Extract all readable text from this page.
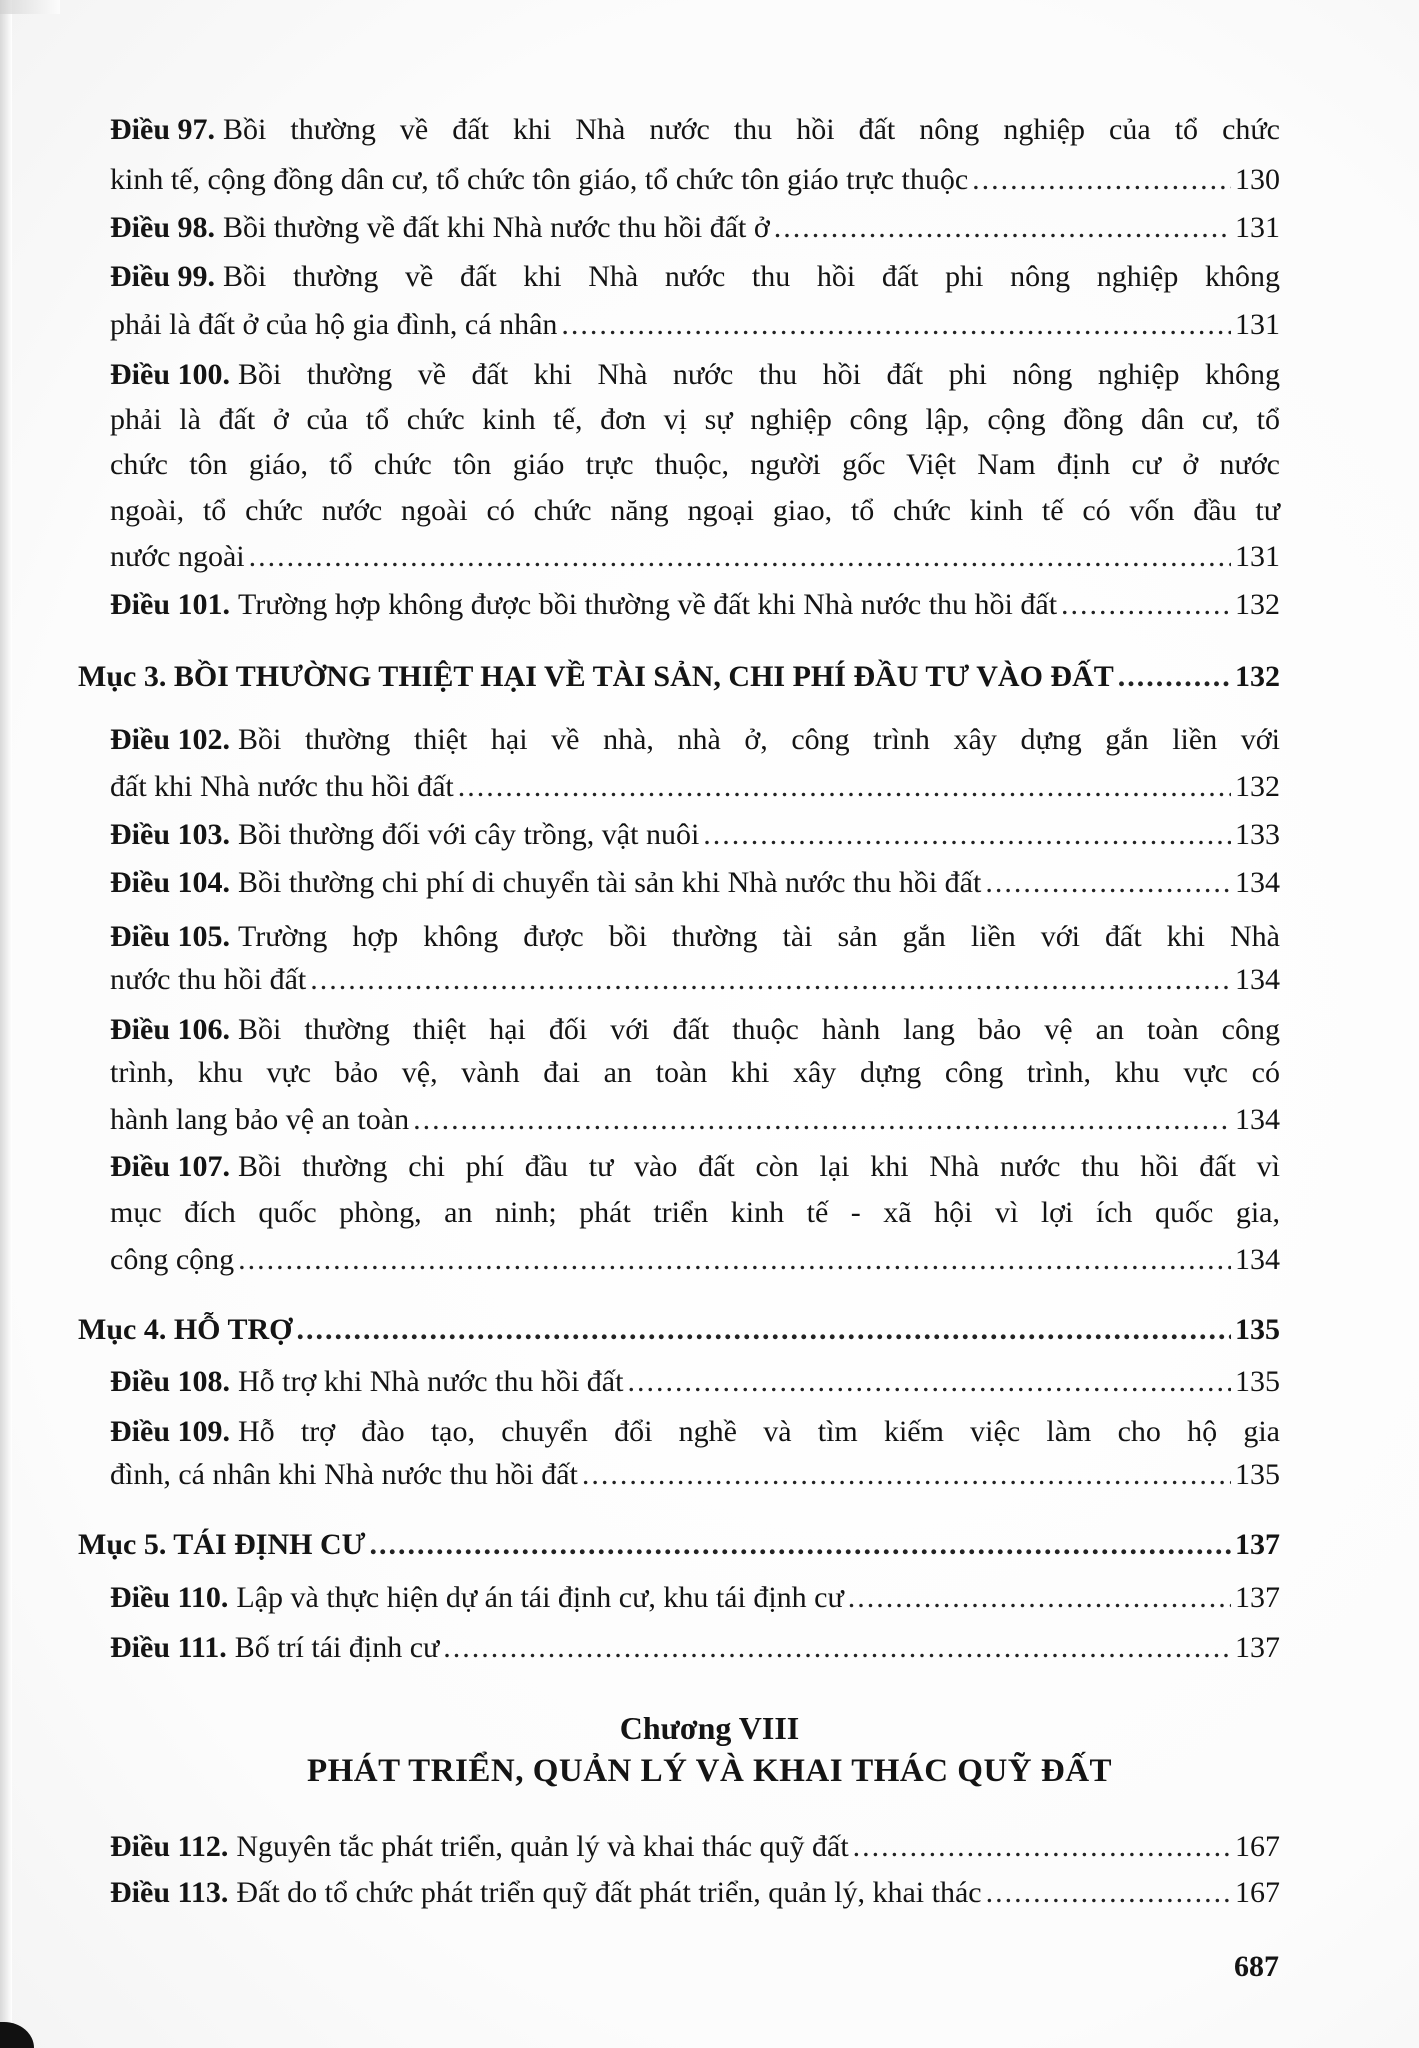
Điều 97. Bồi thường về đất khi Nhà nước thu hồi đất nông nghiệp của tổ chức
kinh tế, cộng đồng dân cư, tổ chức tôn giáo, tổ chức tôn giáo trực thuộc .....	130
Điều 98. Bồi thường về đất khi Nhà nước thu hồi đất ở .....	131
Điều 99. Bồi thường về đất khi Nhà nước thu hồi đất phi nông nghiệp không
phải là đất ở của hộ gia đình, cá nhân .....	131
Điều 100. Bồi thường về đất khi Nhà nước thu hồi đất phi nông nghiệp không
phải là đất ở của tổ chức kinh tế, đơn vị sự nghiệp công lập, cộng đồng dân cư, tổ
chức tôn giáo, tổ chức tôn giáo trực thuộc, người gốc Việt Nam định cư ở nước
ngoài, tổ chức nước ngoài có chức năng ngoại giao, tổ chức kinh tế có vốn đầu tư
nước ngoài .....	131
Điều 101. Trường hợp không được bồi thường về đất khi Nhà nước thu hồi đất .....	132
Mục 3. BỒI THƯỜNG THIỆT HẠI VỀ TÀI SẢN, CHI PHÍ ĐẦU TƯ VÀO ĐẤT .....	132
Điều 102. Bồi thường thiệt hại về nhà, nhà ở, công trình xây dựng gắn liền với
đất khi Nhà nước thu hồi đất .....	132
Điều 103. Bồi thường đối với cây trồng, vật nuôi .....	133
Điều 104. Bồi thường chi phí di chuyển tài sản khi Nhà nước thu hồi đất .....	134
Điều 105. Trường hợp không được bồi thường tài sản gắn liền với đất khi Nhà
nước thu hồi đất .....	134
Điều 106. Bồi thường thiệt hại đối với đất thuộc hành lang bảo vệ an toàn công
trình, khu vực bảo vệ, vành đai an toàn khi xây dựng công trình, khu vực có
hành lang bảo vệ an toàn .....	134
Điều 107. Bồi thường chi phí đầu tư vào đất còn lại khi Nhà nước thu hồi đất vì
mục đích quốc phòng, an ninh; phát triển kinh tế - xã hội vì lợi ích quốc gia,
công cộng .....	134
Mục 4. HỖ TRỢ .....	135
Điều 108. Hỗ trợ khi Nhà nước thu hồi đất .....	135
Điều 109. Hỗ trợ đào tạo, chuyển đổi nghề và tìm kiếm việc làm cho hộ gia
đình, cá nhân khi Nhà nước thu hồi đất .....	135
Mục 5. TÁI ĐỊNH CƯ .....	137
Điều 110. Lập và thực hiện dự án tái định cư, khu tái định cư .....	137
Điều 111. Bố trí tái định cư .....	137
Chương VIII
PHÁT TRIỂN, QUẢN LÝ VÀ KHAI THÁC QUỸ ĐẤT
Điều 112. Nguyên tắc phát triển, quản lý và khai thác quỹ đất .....	167
Điều 113. Đất do tổ chức phát triển quỹ đất phát triển, quản lý, khai thác .....	167
687
